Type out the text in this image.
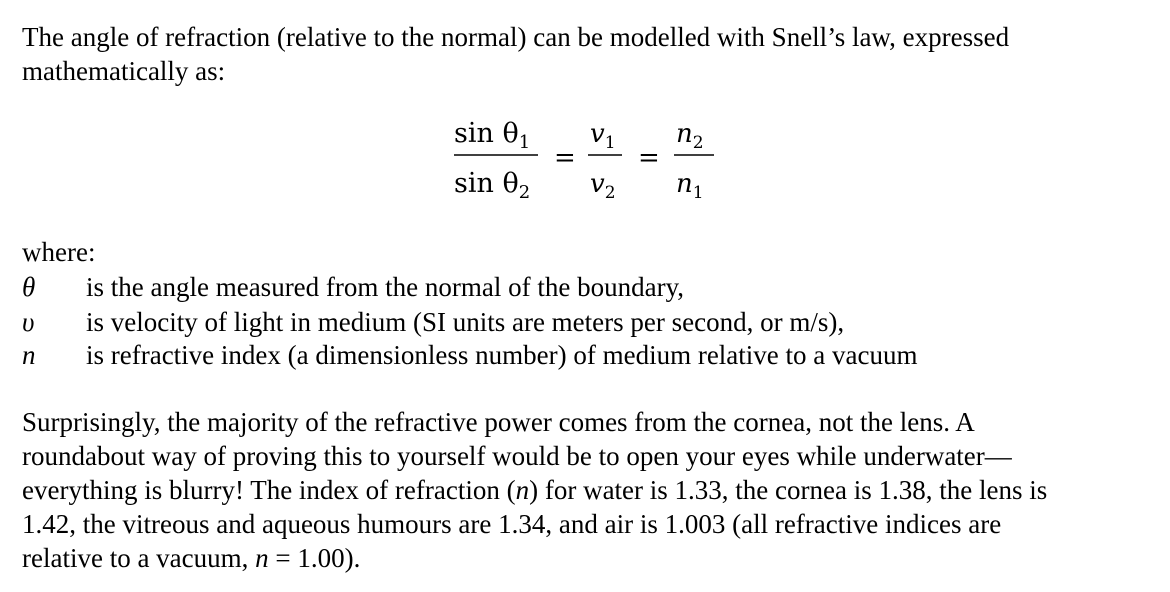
The angle of refraction (relative to the normal) can be modelled with Snell’s law, expressed
mathematically as:

$\sin \theta_1$
$\sin \theta_2$
=
$v_1$
$v_2$
=
$n_2$
$n_1$

where:

θ	is the angle measured from the normal of the boundary,
υ	is velocity of light in medium (SI units are meters per second, or m/s),
n	is refractive index (a dimensionless number) of medium relative to a vacuum

Surprisingly, the majority of the refractive power comes from the cornea, not the lens. A
roundabout way of proving this to yourself would be to open your eyes while underwater—
everything is blurry! The index of refraction (n) for water is 1.33, the cornea is 1.38, the lens is
1.42, the vitreous and aqueous humours are 1.34, and air is 1.003 (all refractive indices are
relative to a vacuum, n = 1.00).
